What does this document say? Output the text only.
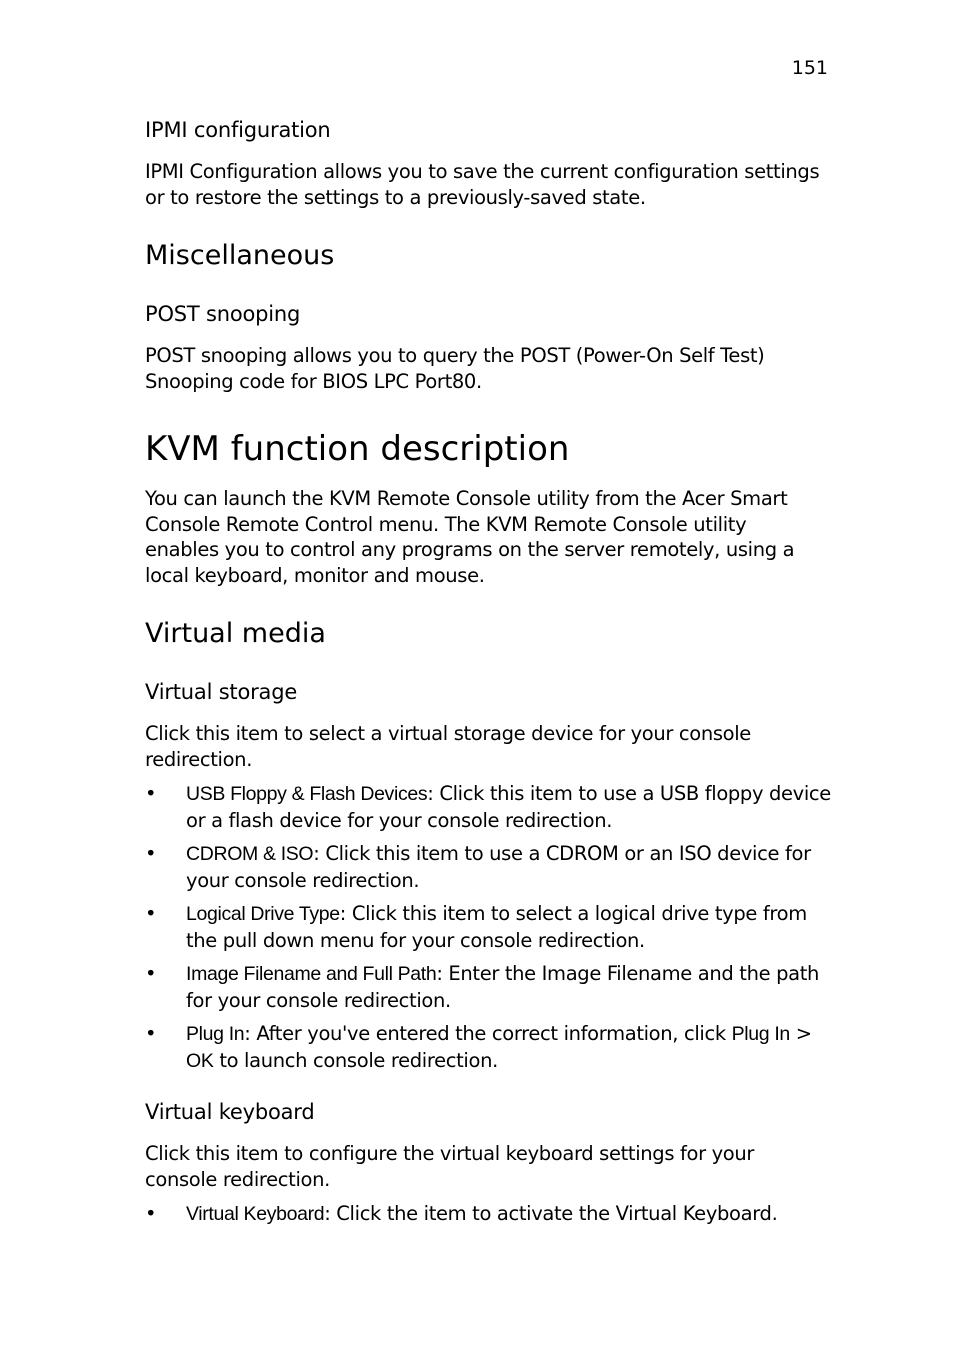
151
IPMI configuration
IPMI Configuration allows you to save the current configuration settings or to restore the settings to a previously-saved state.
Miscellaneous
POST snooping
POST snooping allows you to query the POST (Power-On Self Test) Snooping code for BIOS LPC Port80.
KVM function description
You can launch the KVM Remote Console utility from the Acer Smart Console Remote Control menu. The KVM Remote Console utility enables you to control any programs on the server remotely, using a local keyboard, monitor and mouse.
Virtual media
Virtual storage
Click this item to select a virtual storage device for your console redirection.
• USB Floppy & Flash Devices: Click this item to use a USB floppy device or a flash device for your console redirection.
• CDROM & ISO: Click this item to use a CDROM or an ISO device for your console redirection.
• Logical Drive Type: Click this item to select a logical drive type from the pull down menu for your console redirection.
• Image Filename and Full Path: Enter the Image Filename and the path for your console redirection.
• Plug In: After you've entered the correct information, click Plug In > OK to launch console redirection.
Virtual keyboard
Click this item to configure the virtual keyboard settings for your console redirection.
• Virtual Keyboard: Click the item to activate the Virtual Keyboard.
